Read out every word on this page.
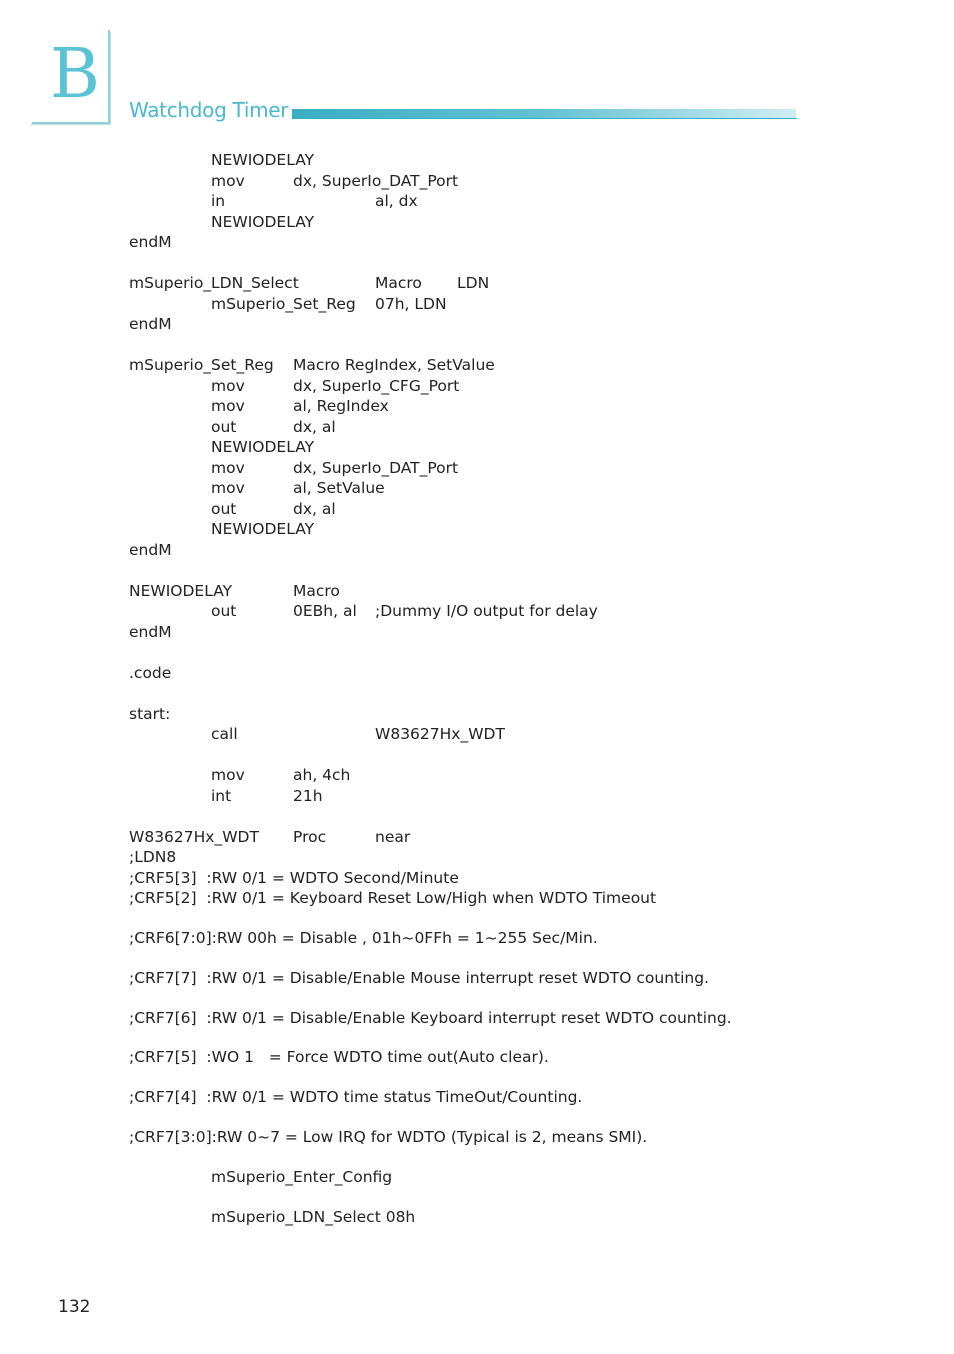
B Watchdog Timer
NEWIODELAY
mov	dx, SuperIo_DAT_Port
in	al, dx
NEWIODELAY
endM
mSuperio_LDN_Select	Macro LDN
mSuperio_Set_Reg 07h, LDN
endM
mSuperio_Set_Reg Macro RegIndex, SetValue
mov	dx, SuperIo_CFG_Port
mov	al, RegIndex
out	dx, al
NEWIODELAY
mov	dx, SuperIo_DAT_Port
mov	al, SetValue
out	dx, al
NEWIODELAY
endM
NEWIODELAY	Macro
out	0EBh, al ;Dummy I/O output for delay
endM
.code
start:
call	W83627Hx_WDT
mov	ah, 4ch
int	21h
W83627Hx_WDT Proc	near
;LDN8
;CRF5[3]  :RW 0/1 = WDTO Second/Minute
;CRF5[2]  :RW 0/1 = Keyboard Reset Low/High when WDTO Timeout
;CRF6[7:0]:RW 00h = Disable , 01h~0FFh = 1~255 Sec/Min.
;CRF7[7]  :RW 0/1 = Disable/Enable Mouse interrupt reset WDTO counting.
;CRF7[6]  :RW 0/1 = Disable/Enable Keyboard interrupt reset WDTO counting.
;CRF7[5]  :WO 1   = Force WDTO time out(Auto clear).
;CRF7[4]  :RW 0/1 = WDTO time status TimeOut/Counting.
;CRF7[3:0]:RW 0~7 = Low IRQ for WDTO (Typical is 2, means SMI).
mSuperio_Enter_Config
mSuperio_LDN_Select 08h
132
